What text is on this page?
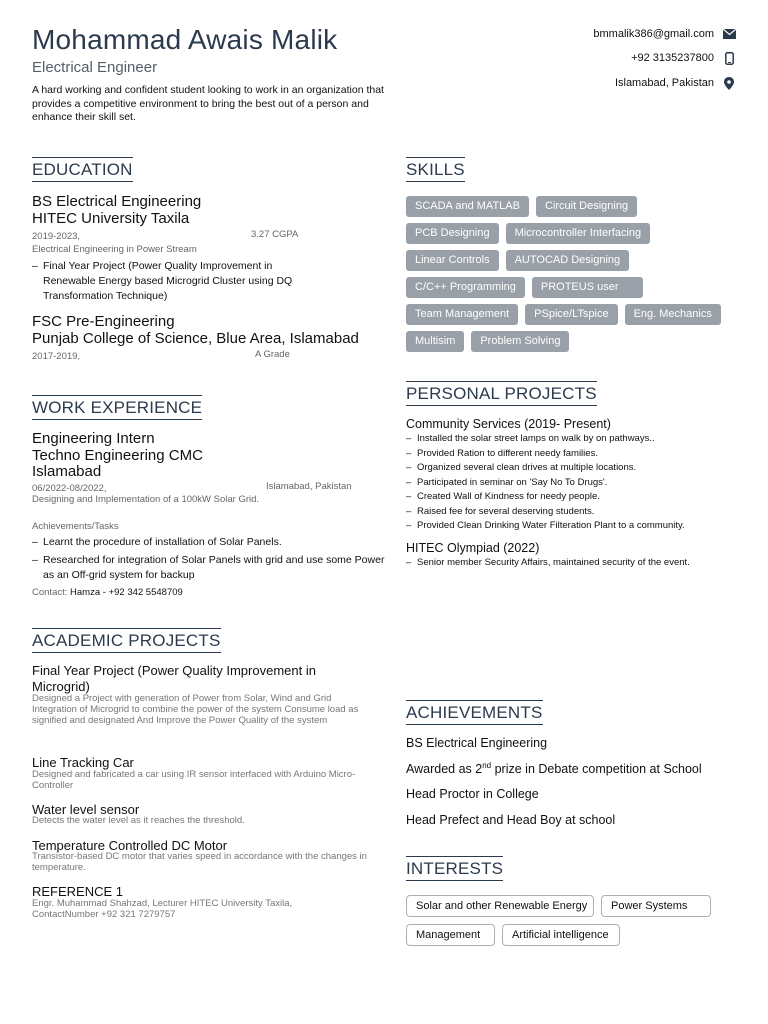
Mohammad Awais Malik
Electrical Engineer
A hard working and confident student looking to work in an organization that provides a competitive environment to bring the best out of a person and enhance their skill set.
bmmalik386@gmail.com
+92 3135237800
Islamabad, Pakistan
EDUCATION
BS Electrical Engineering
HITEC University Taxila
2019-2023,	3.27 CGPA
Electrical Engineering in Power Stream
– Final Year Project (Power Quality Improvement in Renewable Energy based Microgrid Cluster using DQ Transformation Technique)
FSC Pre-Engineering
Punjab College of Science, Blue Area, Islamabad
2017-2019,	A Grade
WORK EXPERIENCE
Engineering Intern
Techno Engineering CMC
Islamabad
06/2022-08/2022,	Islamabad, Pakistan
Designing and Implementation of a 100kW Solar Grid.
Achievements/Tasks
– Learnt the procedure of installation of Solar Panels.
– Researched for integration of Solar Panels with grid and use some Power as an Off-grid system for backup
Contact: Hamza - +92 342 5548709
ACADEMIC PROJECTS
Final Year Project (Power Quality Improvement in Microgrid)
Designed a Project with generation of Power from Solar, Wind and Grid Integration of Microgrid to combine the power of the system Consume load as signified and designated And Improve the Power Quality of the system
Line Tracking Car
Designed and fabricated a car using IR sensor interfaced with Arduino Micro-Controller
Water level sensor
Detects the water level as it reaches the threshold.
Temperature Controlled DC Motor
Transistor-based DC motor that varies speed in accordance with the changes in temperature.
REFERENCE 1
Engr. Muhammad Shahzad, Lecturer HITEC University Taxila, ContactNumber +92 321 7279757
SKILLS
SCADA and MATLAB	Circuit Designing
PCB Designing	Microcontroller Interfacing
Linear Controls	AUTOCAD Designing
C/C++ Programming	PROTEUS user
Team Management	PSpice/LTspice	Eng. Mechanics
Multisim	Problem Solving
PERSONAL PROJECTS
Community Services (2019- Present)
– Installed the solar street lamps on walk by on pathways..
– Provided Ration to different needy families.
– Organized several clean drives at multiple locations.
– Participated in seminar on 'Say No To Drugs'.
– Created Wall of Kindness for needy people.
– Raised fee for several deserving students.
– Provided Clean Drinking Water Filteration Plant to a community.
HITEC Olympiad (2022)
– Senior member Security Affairs, maintained security of the event.
ACHIEVEMENTS
BS Electrical Engineering
Awarded as 2nd prize in Debate competition at School
Head Proctor in College
Head Prefect and Head Boy at school
INTERESTS
Solar and other Renewable Energy	Power Systems
Management	Artificial intelligence
